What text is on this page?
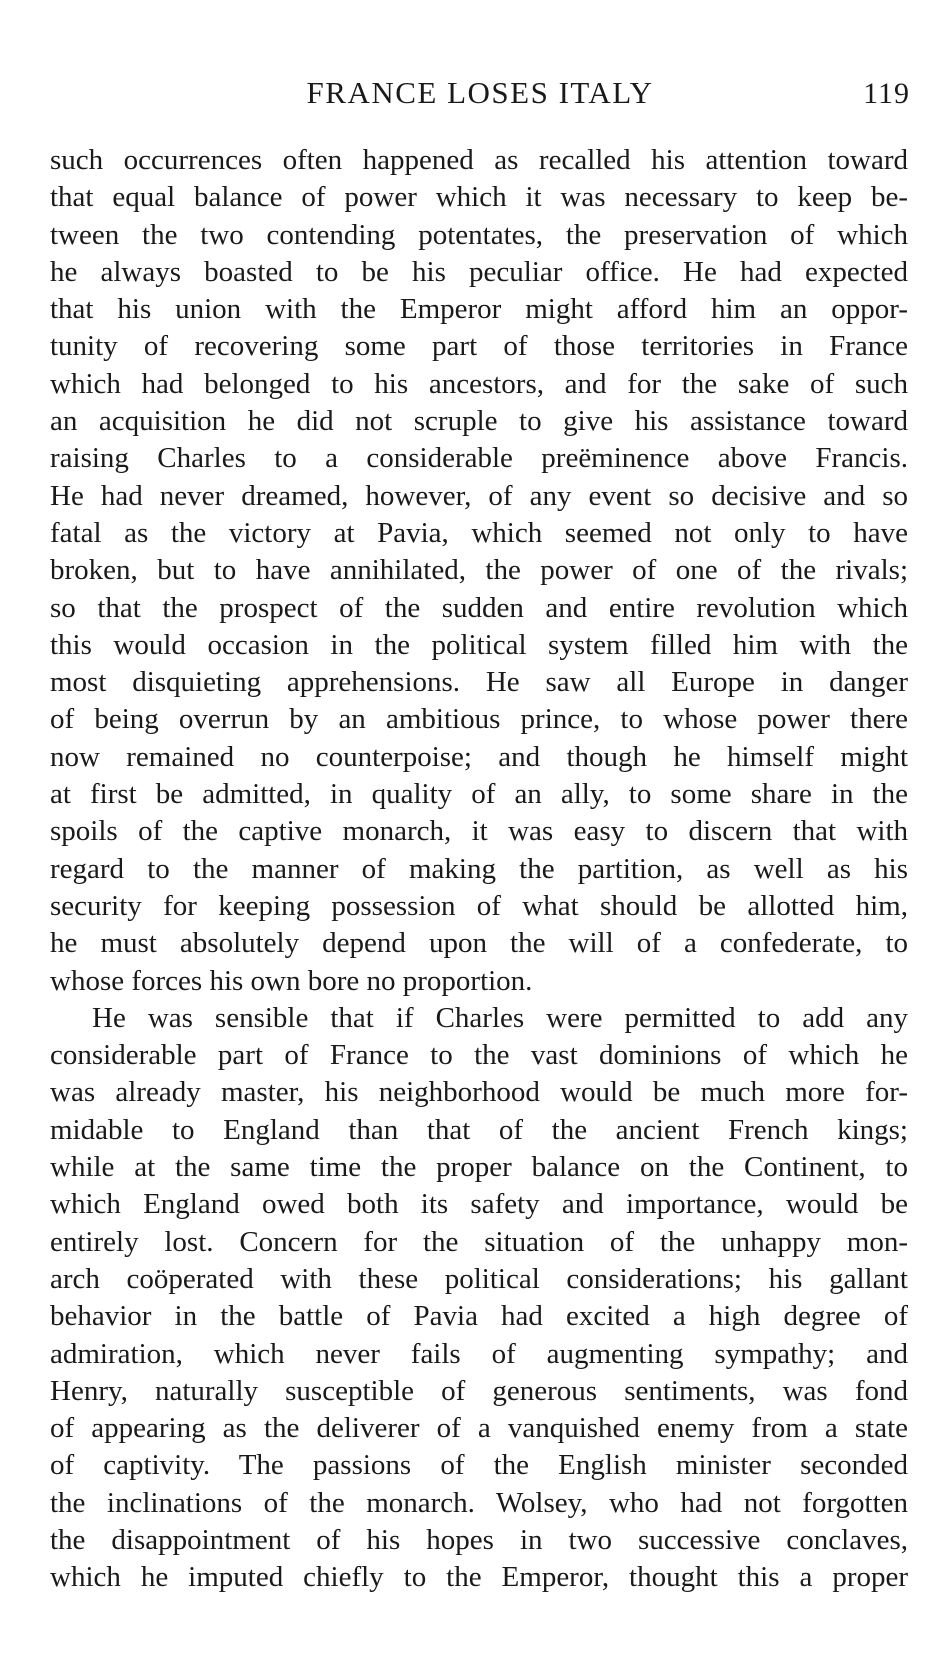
FRANCE LOSES ITALY	119
such occurrences often happened as recalled his attention toward
that equal balance of power which it was necessary to keep be-
tween the two contending potentates, the preservation of which
he always boasted to be his peculiar office. He had expected
that his union with the Emperor might afford him an oppor-
tunity of recovering some part of those territories in France
which had belonged to his ancestors, and for the sake of such
an acquisition he did not scruple to give his assistance toward
raising Charles to a considerable preëminence above Francis.
He had never dreamed, however, of any event so decisive and so
fatal as the victory at Pavia, which seemed not only to have
broken, but to have annihilated, the power of one of the rivals;
so that the prospect of the sudden and entire revolution which
this would occasion in the political system filled him with the
most disquieting apprehensions. He saw all Europe in danger
of being overrun by an ambitious prince, to whose power there
now remained no counterpoise; and though he himself might
at first be admitted, in quality of an ally, to some share in the
spoils of the captive monarch, it was easy to discern that with
regard to the manner of making the partition, as well as his
security for keeping possession of what should be allotted him,
he must absolutely depend upon the will of a confederate, to
whose forces his own bore no proportion.
He was sensible that if Charles were permitted to add any
considerable part of France to the vast dominions of which he
was already master, his neighborhood would be much more for-
midable to England than that of the ancient French kings;
while at the same time the proper balance on the Continent, to
which England owed both its safety and importance, would be
entirely lost. Concern for the situation of the unhappy mon-
arch coöperated with these political considerations; his gallant
behavior in the battle of Pavia had excited a high degree of
admiration, which never fails of augmenting sympathy; and
Henry, naturally susceptible of generous sentiments, was fond
of appearing as the deliverer of a vanquished enemy from a state
of captivity. The passions of the English minister seconded
the inclinations of the monarch. Wolsey, who had not forgotten
the disappointment of his hopes in two successive conclaves,
which he imputed chiefly to the Emperor, thought this a proper
